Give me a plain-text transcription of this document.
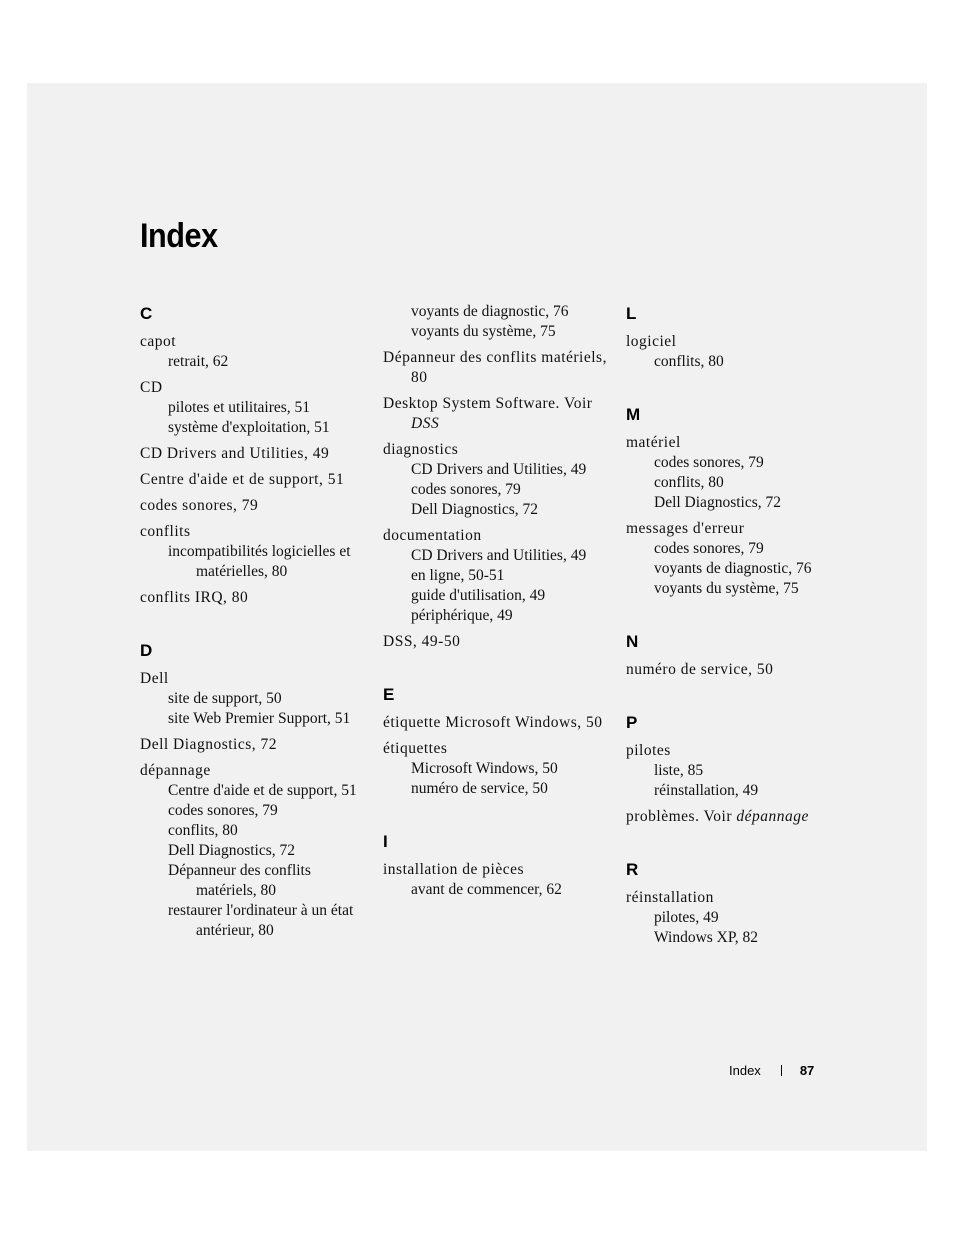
Index
C
capot
retrait, 62
CD
pilotes et utilitaires, 51
système d'exploitation, 51
CD Drivers and Utilities, 49
Centre d'aide et de support, 51
codes sonores, 79
conflits
incompatibilités logicielles et matérielles, 80
conflits IRQ, 80
D
Dell
site de support, 50
site Web Premier Support, 51
Dell Diagnostics, 72
dépannage
Centre d'aide et de support, 51
codes sonores, 79
conflits, 80
Dell Diagnostics, 72
Dépanneur des conflits matériels, 80
restaurer l'ordinateur à un état antérieur, 80
voyants de diagnostic, 76
voyants du système, 75
Dépanneur des conflits matériels, 80
Desktop System Software. Voir DSS
diagnostics
CD Drivers and Utilities, 49
codes sonores, 79
Dell Diagnostics, 72
documentation
CD Drivers and Utilities, 49
en ligne, 50-51
guide d'utilisation, 49
périphérique, 49
DSS, 49-50
E
étiquette Microsoft Windows, 50
étiquettes
Microsoft Windows, 50
numéro de service, 50
I
installation de pièces
avant de commencer, 62
L
logiciel
conflits, 80
M
matériel
codes sonores, 79
conflits, 80
Dell Diagnostics, 72
messages d'erreur
codes sonores, 79
voyants de diagnostic, 76
voyants du système, 75
N
numéro de service, 50
P
pilotes
liste, 85
réinstallation, 49
problèmes. Voir dépannage
R
réinstallation
pilotes, 49
Windows XP, 82
Index	87
